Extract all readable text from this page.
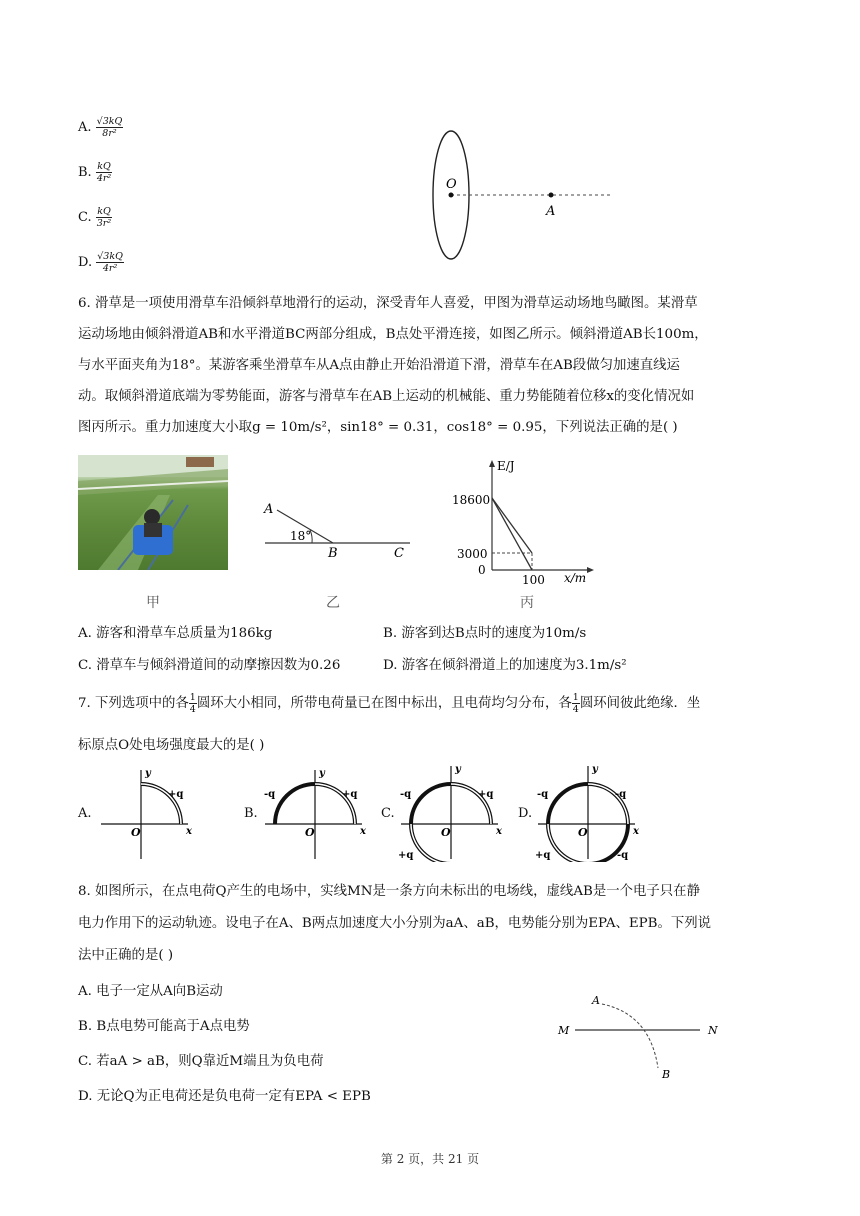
A. $\frac{√3kQ}{\text{8r²}}$
B. $\frac{kQ}{\text{4r²}}$
C. $\frac{kQ}{\text{3r²}}$
D. $\frac{√3kQ}{\text{4r²}}$
O
A
6. 滑草是一项使用滑草车沿倾斜草地滑行的运动，深受青年人喜爱，甲图为滑草运动场地鸟瞰图。某滑草
运动场地由倾斜滑道AB和水平滑道BC两部分组成，B点处平滑连接，如图乙所示。倾斜滑道AB长100m，
与水平面夹角为18°。某游客乘坐滑草车从A点由静止开始沿滑道下滑，滑草车在AB段做匀加速直线运
动。取倾斜滑道底端为零势能面，游客与滑草车在AB上运动的机械能、重力势能随着位移x的变化情况如
图丙所示。重力加速度大小取g = 10m/s²，sin18° = 0.31，cos18° = 0.95，下列说法正确的是( )
18°
A
B	C
E/J
x/m
18600
3000
0
100
甲	乙	丙
A. 游客和滑草车总质量为186kg	B. 游客到达B点时的速度为10m/s
C. 滑草车与倾斜滑道间的动摩擦因数为0.26	D. 游客在倾斜滑道上的加速度为3.1m/s²
7. 下列选项中的各 $\frac{1}{4}$ 圆环大小相同，所带电荷量已在图中标出，且电荷均匀分布，各 $\frac{1}{4}$ 圆环间彼此绝缘．坐
标原点O处电场强度最大的是( )
A.	B.	C.	D.
y
x
O
+q
y
x
O
-q	+q
y
x
O
-q	+q
+q
y
x
O
-q	-q
+q	-q
8. 如图所示，在点电荷Q产生的电场中，实线MN是一条方向未标出的电场线，虚线AB是一个电子只在静
电力作用下的运动轨迹。设电子在A、B两点加速度大小分别为aA、aB，电势能分别为EPA、EPB。下列说
法中正确的是( )
A. 电子一定从A向B运动
B. B点电势可能高于A点电势
C. 若aA > aB，则Q靠近M端且为负电荷
D. 无论Q为正电荷还是负电荷一定有EPA < EPB
M	N
A
B
第 2 页，共 21 页
